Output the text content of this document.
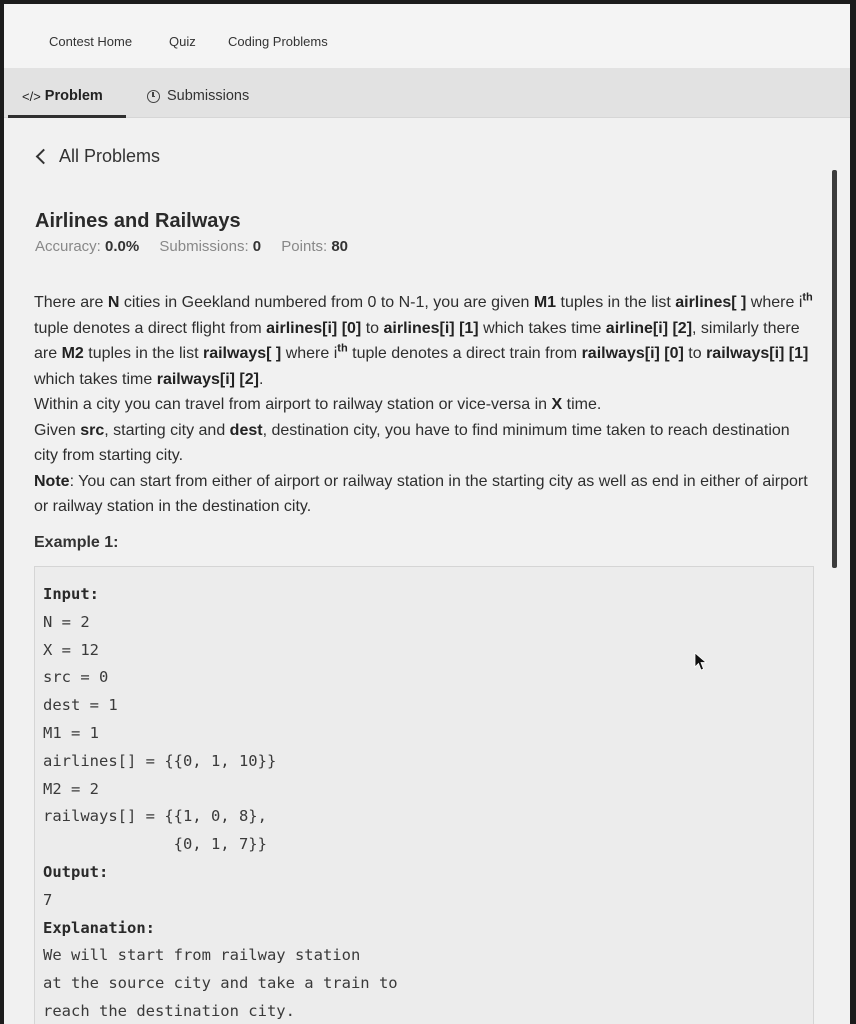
Contest Home	Quiz Coding Problems
</> Problem	Submissions
All Problems
Airlines and Railways
Accuracy: 0.0% Submissions: 0 Points: 80
There are N cities in Geekland numbered from 0 to N-1, you are given M1 tuples in the list airlines[ ] where $i^{th}$ tuple denotes a direct flight from airlines[i] [0] to airlines[i] [1] which takes time airline[i] [2], similarly there are M2 tuples in the list railways[ ] where $i^{th}$ tuple denotes a direct train from railways[i] [0] to railways[i] [1] which takes time railways[i] [2].
Within a city you can travel from airport to railway station or vice-versa in X time.
Given src, starting city and dest, destination city, you have to find minimum time taken to reach destination city from starting city.
Note: You can start from either of airport or railway station in the starting city as well as end in either of airport or railway station in the destination city.
Example 1:
Input:
N = 2
X = 12
src = 0
dest = 1
M1 = 1
airlines[] = {{0, 1, 10}}
M2 = 2
railways[] = {{1, 0, 8},
{0, 1, 7}}
Output:
7
Explanation:
We will start from railway station
at the source city and take a train to
reach the destination city.
